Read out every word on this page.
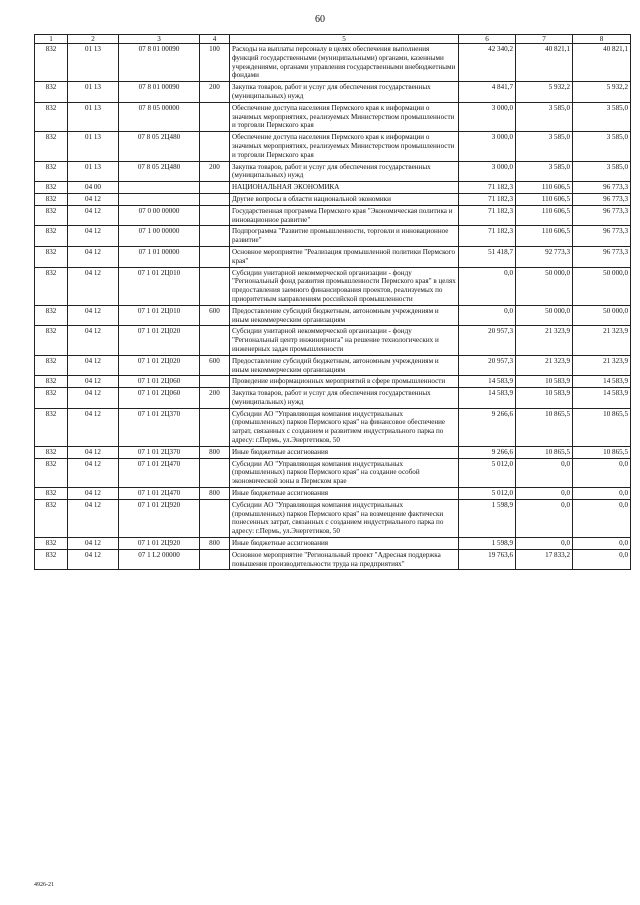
60
1	2	3	4	5	6	7	8
832	01 13	07 8 01 00090	100	Расходы на выплаты персоналу в целях обеспечения выполнения функций государственными (муниципальными) органами, казенными учреждениями, органами управления государственными внебюджетными фондами	42 340,2	40 821,1	40 821,1
832	01 13	07 8 01 00090	200	Закупка товаров, работ и услуг для обеспечения государственных (муниципальных) нужд	4 841,7	5 932,2	5 932,2
832	01 13	07 8 05 00000		Обеспечение доступа населения Пермского края к информации о значимых мероприятиях, реализуемых Министерством промышленности и торговли Пермского края	3 000,0	3 585,0	3 585,0
832	01 13	07 8 05 2Ц480		Обеспечение доступа населения Пермского края к информации о значимых мероприятиях, реализуемых Министерством промышленности и торговли Пермского края	3 000,0	3 585,0	3 585,0
832	01 13	07 8 05 2Ц480	200	Закупка товаров, работ и услуг для обеспечения государственных (муниципальных) нужд	3 000,0	3 585,0	3 585,0
832	04 00			НАЦИОНАЛЬНАЯ ЭКОНОМИКА	71 182,3	110 606,5	96 773,3
832	04 12			Другие вопросы в области национальной экономики	71 182,3	110 606,5	96 773,3
832	04 12	07 0 00 00000		Государственная программа Пермского края "Экономическая политика и инновационное развитие"	71 182,3	110 606,5	96 773,3
832	04 12	07 1 00 00000		Подпрограмма "Развитие промышленности, торговли и инновационное развитие"	71 182,3	110 606,5	96 773,3
832	04 12	07 1 01 00000		Основное мероприятие "Реализация промышленной политики Пермского края"	51 418,7	92 773,3	96 773,3
832	04 12	07 1 01 2Ц010		Субсидии унитарной некоммерческой организации - фонду "Региональный фонд развития промышленности Пермского края" в целях предоставления заемного финансирования проектов, реализуемых по приоритетным направлениям российской промышленности	0,0	50 000,0	50 000,0
832	04 12	07 1 01 2Ц010	600	Предоставление субсидий бюджетным, автономным учреждениям и иным некоммерческим организациям	0,0	50 000,0	50 000,0
832	04 12	07 1 01 2Ц020		Субсидии унитарной некоммерческой организации - фонду "Региональный центр инжиниринга" на решение технологических и инженерных задач промышленности	20 957,3	21 323,9	21 323,9
832	04 12	07 1 01 2Ц020	600	Предоставление субсидий бюджетным, автономным учреждениям и иным некоммерческим организациям	20 957,3	21 323,9	21 323,9
832	04 12	07 1 01 2Ц060		Проведение информационных мероприятий в сфере промышленности	14 583,9	10 583,9	14 583,9
832	04 12	07 1 01 2Ц060	200	Закупка товаров, работ и услуг для обеспечения государственных (муниципальных) нужд	14 583,9	10 583,9	14 583,9
832	04 12	07 1 01 2Ц370		Субсидии АО "Управляющая компания индустриальных (промышленных) парков Пермского края" на финансовое обеспечение затрат, связанных с созданием и развитием индустриального парка по адресу: г.Пермь, ул.Энергетиков, 50	9 266,6	10 865,5	10 865,5
832	04 12	07 1 01 2Ц370	800	Иные бюджетные ассигнования	9 266,6	10 865,5	10 865,5
832	04 12	07 1 01 2Ц470		Субсидии АО "Управляющая компания индустриальных (промышленных) парков Пермского края" на создание особой экономической зоны в Пермском крае	5 012,0	0,0	0,0
832	04 12	07 1 01 2Ц470	800	Иные бюджетные ассигнования	5 012,0	0,0	0,0
832	04 12	07 1 01 2Ц920		Субсидии АО "Управляющая компания индустриальных (промышленных) парков Пермского края" на возмещение фактически понесенных затрат, связанных с созданием индустриального парка по адресу: г.Пермь, ул.Энергетиков, 50	1 598,9	0,0	0,0
832	04 12	07 1 01 2Ц920	800	Иные бюджетные ассигнования	1 598,9	0,0	0,0
832	04 12	07 1 L2 00000		Основное мероприятие "Региональный проект "Адресная поддержка повышения производительности труда на предприятиях"	19 763,6	17 833,2	0,0
4926-21
